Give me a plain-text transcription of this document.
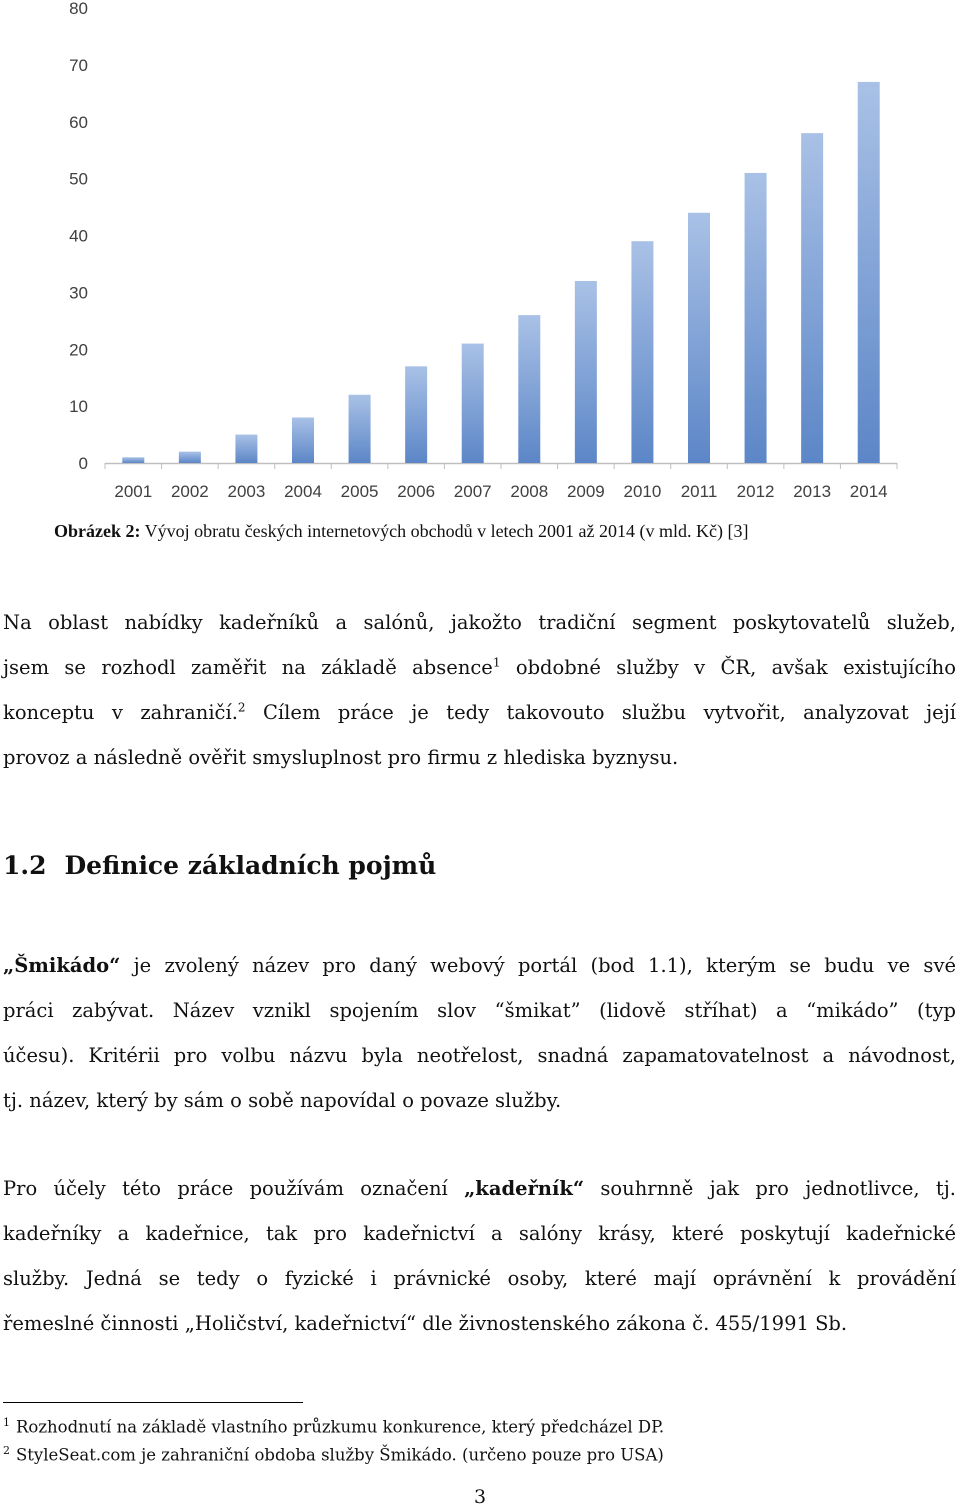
0
10
20
30
40
50
60
70
80
2001 2002 2003 2004 2005 2006 2007 2008 2009 2010 2011 2012 2013 2014
Obrázek 2: Vývoj obratu českých internetových obchodů v letech 2001 až 2014 (v mld. Kč) [3]
Na oblast nabídky kadeřníků a salónů, jakožto tradiční segment poskytovatelů služeb,
jsem se rozhodl zaměřit na základě absence$^1$ obdobné služby v ČR, avšak existujícího
konceptu v zahraničí.$^2$ Cílem práce je tedy takovouto službu vytvořit, analyzovat její
provoz a následně ověřit smysluplnost pro firmu z hlediska byznysu.
1.2 Definice základních pojmů
„Šmikádo“ je zvolený název pro daný webový portál (bod 1.1), kterým se budu ve své
práci zabývat. Název vznikl spojením slov “šmikat” (lidově stříhat) a “mikádo” (typ
účesu). Kritérii pro volbu názvu byla neotřelost, snadná zapamatovatelnost a návodnost,
tj. název, který by sám o sobě napovídal o povaze služby.
Pro účely této práce používám označení „kadeřník“ souhrnně jak pro jednotlivce, tj.
kadeřníky a kadeřnice, tak pro kadeřnictví a salóny krásy, které poskytují kadeřnické
služby. Jedná se tedy o fyzické i právnické osoby, které mají oprávnění k provádění
řemeslné činnosti „Holičství, kadeřnictví“ dle živnostenského zákona č. 455/1991 Sb.
$^1$ Rozhodnutí na základě vlastního průzkumu konkurence, který předcházel DP.
$^2$ StyleSeat.com je zahraniční obdoba služby Šmikádo. (určeno pouze pro USA)
3
